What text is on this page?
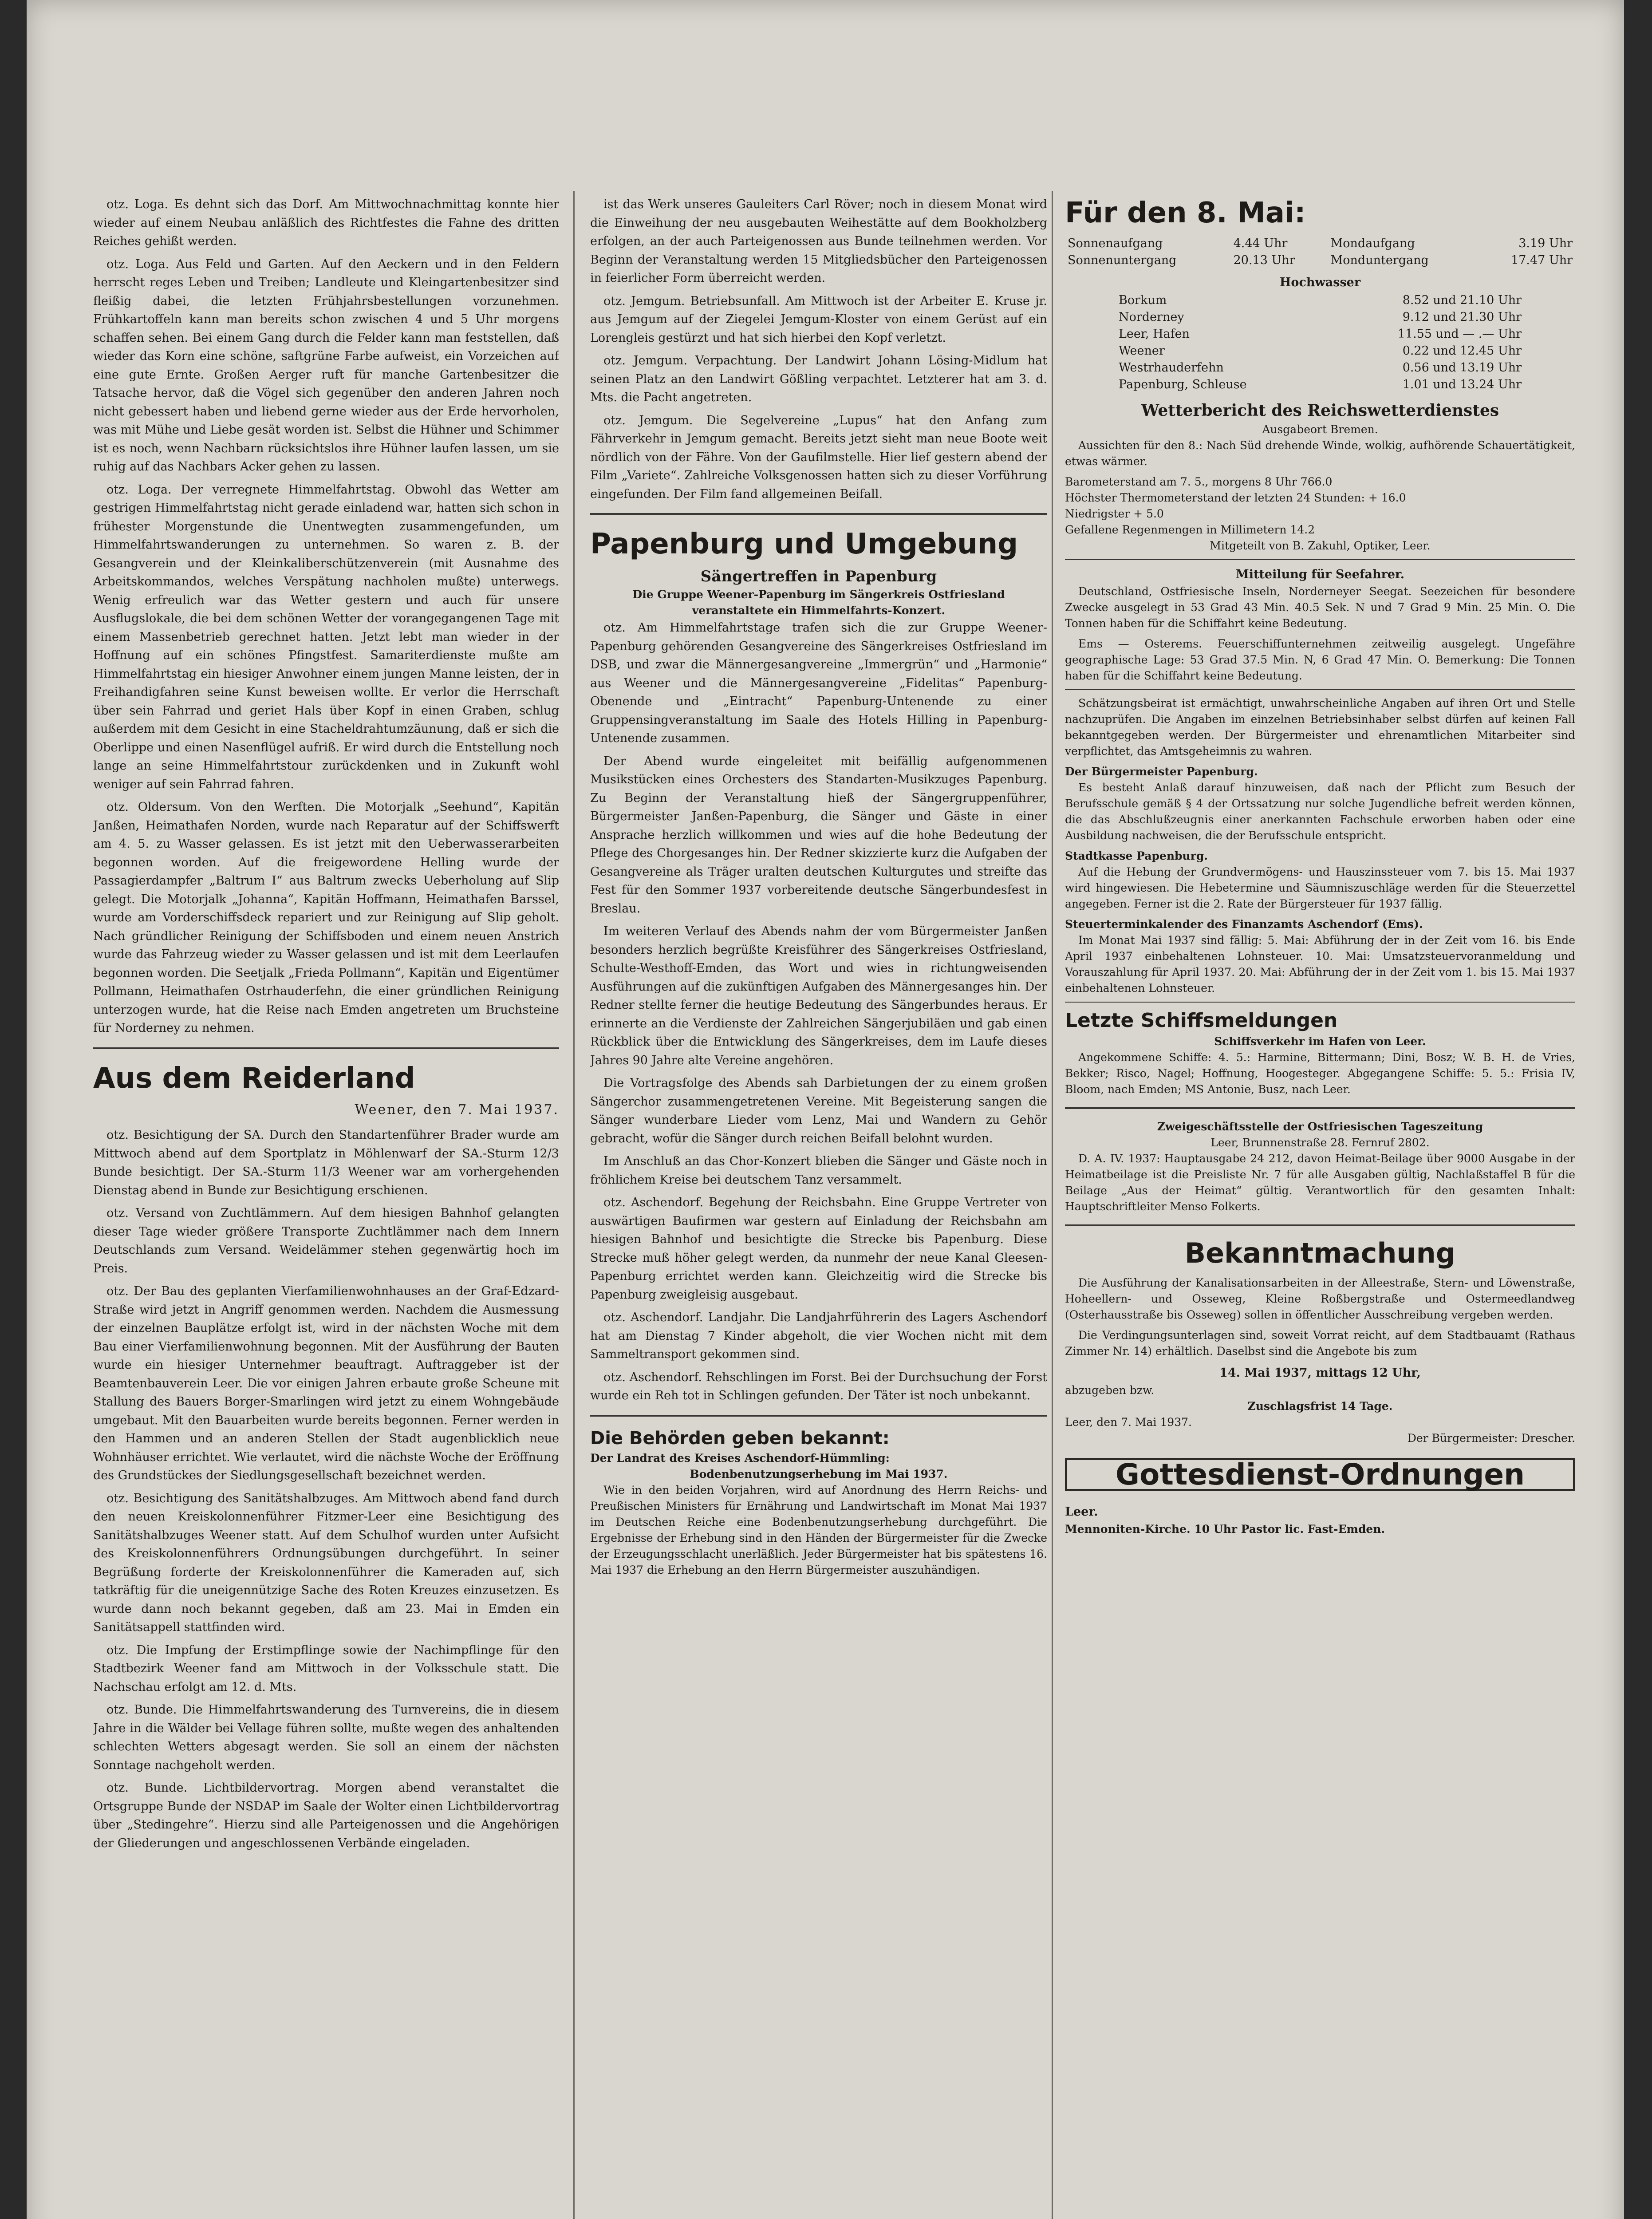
otz. Loga. Es dehnt sich das Dorf. Am Mittwochnachmittag konnte hier wieder auf einem Neubau anläßlich des Richtfestes die Fahne des dritten Reiches gehißt werden.

otz. Loga. Aus Feld und Garten. Auf den Aeckern und in den Feldern herrscht reges Leben und Treiben; Landleute und Kleingartenbesitzer sind fleißig dabei, die letzten Frühjahrsbestellungen vorzunehmen. Frühkartoffeln kann man bereits schon zwischen 4 und 5 Uhr morgens schaffen sehen. Bei einem Gang durch die Felder kann man feststellen, daß wieder das Korn eine schöne, saftgrüne Farbe aufweist, ein Vorzeichen auf eine gute Ernte. Großen Aerger ruft für manche Gartenbesitzer die Tatsache hervor, daß die Vögel sich gegenüber den anderen Jahren noch nicht gebessert haben und liebend gerne wieder aus der Erde hervorholen, was mit Mühe und Liebe gesät worden ist. Selbst die Hühner und Schimmer ist es noch, wenn Nachbarn rücksichtslos ihre Hühner laufen lassen, um sie ruhig auf das Nachbars Acker gehen zu lassen.

otz. Loga. Der verregnete Himmelfahrtstag. Obwohl das Wetter am gestrigen Himmelfahrtstag nicht gerade einladend war, hatten sich schon in frühester Morgenstunde die Unentwegten zusammengefunden, um Himmelfahrtswanderungen zu unternehmen. So waren z. B. der Gesangverein und der Kleinkaliberschützenverein (mit Ausnahme des Arbeitskommandos, welches Verspätung nachholen mußte) unterwegs. Wenig erfreulich war das Wetter gestern und auch für unsere Ausflugslokale, die bei dem schönen Wetter der vorangegangenen Tage mit einem Massenbetrieb gerechnet hatten. Jetzt lebt man wieder in der Hoffnung auf ein schönes Pfingstfest. Samariterdienste mußte am Himmelfahrtstag ein hiesiger Anwohner einem jungen Manne leisten, der in Freihandigfahren seine Kunst beweisen wollte. Er verlor die Herrschaft über sein Fahrrad und geriet Hals über Kopf in einen Graben, schlug außerdem mit dem Gesicht in eine Stacheldrahtumzäunung, daß er sich die Oberlippe und einen Nasenflügel aufriß. Er wird durch die Entstellung noch lange an seine Himmelfahrtstour zurückdenken und in Zukunft wohl weniger auf sein Fahrrad fahren.

otz. Oldersum. Von den Werften. Die Motorjalk „Seehund“, Kapitän Janßen, Heimathafen Norden, wurde nach Reparatur auf der Schiffswerft am 4. 5. zu Wasser gelassen. Es ist jetzt mit den Ueberwasserarbeiten begonnen worden. Auf die freigewordene Helling wurde der Passagierdampfer „Baltrum I“ aus Baltrum zwecks Ueberholung auf Slip gelegt. Die Motorjalk „Johanna“, Kapitän Hoffmann, Heimathafen Barssel, wurde am Vorderschiffsdeck repariert und zur Reinigung auf Slip geholt. Nach gründlicher Reinigung der Schiffsboden und einem neuen Anstrich wurde das Fahrzeug wieder zu Wasser gelassen und ist mit dem Leerlaufen begonnen worden. Die Seetjalk „Frieda Pollmann“, Kapitän und Eigentümer Pollmann, Heimathafen Ostrhauderfehn, die einer gründlichen Reinigung unterzogen wurde, hat die Reise nach Emden angetreten um Bruchsteine für Norderney zu nehmen.

Aus dem Reiderland
Weener, den 7. Mai 1937.

otz. Besichtigung der SA. Durch den Standartenführer Brader wurde am Mittwoch abend auf dem Sportplatz in Möhlenwarf der SA.-Sturm 12/3 Bunde besichtigt. Der SA.-Sturm 11/3 Weener war am vorhergehenden Dienstag abend in Bunde zur Besichtigung erschienen.

otz. Versand von Zuchtlämmern. Auf dem hiesigen Bahnhof gelangten dieser Tage wieder größere Transporte Zuchtlämmer nach dem Innern Deutschlands zum Versand. Weidelämmer stehen gegenwärtig hoch im Preis.

otz. Der Bau des geplanten Vierfamilienwohnhauses an der Graf-Edzard-Straße wird jetzt in Angriff genommen werden. Nachdem die Ausmessung der einzelnen Bauplätze erfolgt ist, wird in der nächsten Woche mit dem Bau einer Vierfamilienwohnung begonnen. Mit der Ausführung der Bauten wurde ein hiesiger Unternehmer beauftragt. Auftraggeber ist der Beamtenbauverein Leer. Die vor einigen Jahren erbaute große Scheune mit Stallung des Bauers Borger-Smarlingen wird jetzt zu einem Wohngebäude umgebaut. Mit den Bauarbeiten wurde bereits begonnen. Ferner werden in den Hammen und an anderen Stellen der Stadt augenblicklich neue Wohnhäuser errichtet. Wie verlautet, wird die nächste Woche der Eröffnung des Grundstückes der Siedlungsgesellschaft bezeichnet werden.

otz. Besichtigung des Sanitätshalbzuges. Am Mittwoch abend fand durch den neuen Kreiskolonnenführer Fitzmer-Leer eine Besichtigung des Sanitätshalbzuges Weener statt. Auf dem Schulhof wurden unter Aufsicht des Kreiskolonnenführers Ordnungsübungen durchgeführt. In seiner Begrüßung forderte der Kreiskolonnenführer die Kameraden auf, sich tatkräftig für die uneigennützige Sache des Roten Kreuzes einzusetzen. Es wurde dann noch bekannt gegeben, daß am 23. Mai in Emden ein Sanitätsappell stattfinden wird.

otz. Die Impfung der Erstimpflinge sowie der Nachimpflinge für den Stadtbezirk Weener fand am Mittwoch in der Volksschule statt. Die Nachschau erfolgt am 12. d. Mts.

otz. Bunde. Die Himmelfahrtswanderung des Turnvereins, die in diesem Jahre in die Wälder bei Vellage führen sollte, mußte wegen des anhaltenden schlechten Wetters abgesagt werden. Sie soll an einem der nächsten Sonntage nachgeholt werden.

otz. Bunde. Lichtbildervortrag. Morgen abend veranstaltet die Ortsgruppe Bunde der NSDAP im Saale der Wolter einen Lichtbildervortrag über „Stedingehre“. Hierzu sind alle Parteigenossen und die Angehörigen der Gliederungen und angeschlossenen Verbände eingeladen.

ist das Werk unseres Gauleiters Carl Röver; noch in diesem Monat wird die Einweihung der neu ausgebauten Weihestätte auf dem Bookholzberg erfolgen, an der auch Parteigenossen aus Bunde teilnehmen werden. Vor Beginn der Veranstaltung werden 15 Mitgliedsbücher den Parteigenossen in feierlicher Form überreicht werden.

otz. Jemgum. Betriebsunfall. Am Mittwoch ist der Arbeiter E. Kruse jr. aus Jemgum auf der Ziegelei Jemgum-Kloster von einem Gerüst auf ein Lorengleis gestürzt und hat sich hierbei den Kopf verletzt.

otz. Jemgum. Verpachtung. Der Landwirt Johann Lösing-Midlum hat seinen Platz an den Landwirt Gößling verpachtet. Letzterer hat am 3. d. Mts. die Pacht angetreten.

otz. Jemgum. Die Segelvereine „Lupus“ hat den Anfang zum Fährverkehr in Jemgum gemacht. Bereits jetzt sieht man neue Boote weit nördlich von der Fähre. Von der Gaufilmstelle. Hier lief gestern abend der Film „Variete“. Zahlreiche Volksgenossen hatten sich zu dieser Vorführung eingefunden. Der Film fand allgemeinen Beifall.

Papenburg und Umgebung
Sängertreffen in Papenburg
Die Gruppe Weener-Papenburg im Sängerkreis Ostfriesland veranstaltete ein Himmelfahrts-Konzert.

otz. Am Himmelfahrtstage trafen sich die zur Gruppe Weener-Papenburg gehörenden Gesangvereine des Sängerkreises Ostfriesland im DSB, und zwar die Männergesangvereine „Immergrün“ und „Harmonie“ aus Weener und die Männergesangvereine „Fidelitas“ Papenburg-Obenende und „Eintracht“ Papenburg-Untenende zu einer Gruppensingveranstaltung im Saale des Hotels Hilling in Papenburg-Untenende zusammen.

Der Abend wurde eingeleitet mit beifällig aufgenommenen Musikstücken eines Orchesters des Standarten-Musikzuges Papenburg. Zu Beginn der Veranstaltung hieß der Sängergruppenführer, Bürgermeister Janßen-Papenburg, die Sänger und Gäste in einer Ansprache herzlich willkommen und wies auf die hohe Bedeutung der Pflege des Chorgesanges hin. Der Redner skizzierte kurz die Aufgaben der Gesangvereine als Träger uralten deutschen Kulturgutes und streifte das Fest für den Sommer 1937 vorbereitende deutsche Sängerbundesfest in Breslau.

Im weiteren Verlauf des Abends nahm der vom Bürgermeister Janßen besonders herzlich begrüßte Kreisführer des Sängerkreises Ostfriesland, Schulte-Westhoff-Emden, das Wort und wies in richtungweisenden Ausführungen auf die zukünftigen Aufgaben des Männergesanges hin. Der Redner stellte ferner die heutige Bedeutung des Sängerbundes heraus. Er erinnerte an die Verdienste der Zahlreichen Sängerjubiläen und gab einen Rückblick über die Entwicklung des Sängerkreises, dem im Laufe dieses Jahres 90 Jahre alte Vereine angehören.

Die Vortragsfolge des Abends sah Darbietungen der zu einem großen Sängerchor zusammengetretenen Vereine. Mit Begeisterung sangen die Sänger wunderbare Lieder vom Lenz, Mai und Wandern zu Gehör gebracht, wofür die Sänger durch reichen Beifall belohnt wurden.

Im Anschluß an das Chor-Konzert blieben die Sänger und Gäste noch in fröhlichem Kreise bei deutschem Tanz versammelt.

otz. Aschendorf. Begehung der Reichsbahn. Eine Gruppe Vertreter von auswärtigen Baufirmen war gestern auf Einladung der Reichsbahn am hiesigen Bahnhof und besichtigte die Strecke bis Papenburg. Diese Strecke muß höher gelegt werden, da nunmehr der neue Kanal Gleesen-Papenburg errichtet werden kann. Gleichzeitig wird die Strecke bis Papenburg zweigleisig ausgebaut.

otz. Aschendorf. Landjahr. Die Landjahrführerin des Lagers Aschendorf hat am Dienstag 7 Kinder abgeholt, die vier Wochen nicht mit dem Sammeltransport gekommen sind.

otz. Aschendorf. Rehschlingen im Forst. Bei der Durchsuchung der Forst wurde ein Reh tot in Schlingen gefunden. Der Täter ist noch unbekannt.

Die Behörden geben bekannt:
Der Landrat des Kreises Aschendorf-Hümmling:
Bodenbenutzungserhebung im Mai 1937.

Wie in den beiden Vorjahren, wird auf Anordnung des Herrn Reichs- und Preußischen Ministers für Ernährung und Landwirtschaft im Monat Mai 1937 im Deutschen Reiche eine Bodenbenutzungserhebung durchgeführt. Die Ergebnisse der Erhebung sind in den Händen der Bürgermeister für die Zwecke der Erzeugungsschlacht unerläßlich. Jeder Bürgermeister hat bis spätestens 16. Mai 1937 die Erhebung an den Herrn Bürgermeister auszuhändigen.

Für den 8. Mai:
Sonnenaufgang	4.44 Uhr	Mondaufgang	3.19 Uhr
Sonnenuntergang	20.13 Uhr	Monduntergang	17.47 Uhr
Hochwasser
Borkum	8.52 und 21.10 Uhr
Norderney	9.12 und 21.30 Uhr
Leer, Hafen	11.55 und — .— Uhr
Weener	0.22 und 12.45 Uhr
Westrhauderfehn	0.56 und 13.19 Uhr
Papenburg, Schleuse	1.01 und 13.24 Uhr
Wetterbericht des Reichswetterdienstes
Ausgabeort Bremen.

Aussichten für den 8.: Nach Süd drehende Winde, wolkig, aufhörende Schauertätigkeit, etwas wärmer.

Barometerstand am 7. 5., morgens 8 Uhr 766.0
Höchster Thermometerstand der letzten 24 Stunden: + 16.0
Niedrigster + 5.0
Gefallene Regenmengen in Millimetern 14.2
Mitgeteilt von B. Zakuhl, Optiker, Leer.
Mitteilung für Seefahrer.

Deutschland, Ostfriesische Inseln, Norderneyer Seegat. Seezeichen für besondere Zwecke ausgelegt in 53 Grad 43 Min. 40.5 Sek. N und 7 Grad 9 Min. 25 Min. O. Die Tonnen haben für die Schiffahrt keine Bedeutung.

Ems — Osterems. Feuerschiffunternehmen zeitweilig ausgelegt. Ungefähre geographische Lage: 53 Grad 37.5 Min. N, 6 Grad 47 Min. O. Bemerkung: Die Tonnen haben für die Schiffahrt keine Bedeutung.

Schätzungsbeirat ist ermächtigt, unwahrscheinliche Angaben auf ihren Ort und Stelle nachzuprüfen. Die Angaben im einzelnen Betriebsinhaber selbst dürfen auf keinen Fall bekanntgegeben werden. Der Bürgermeister und ehrenamtlichen Mitarbeiter sind verpflichtet, das Amtsgeheimnis zu wahren.

Der Bürgermeister Papenburg.

Es besteht Anlaß darauf hinzuweisen, daß nach der Pflicht zum Besuch der Berufsschule gemäß § 4 der Ortssatzung nur solche Jugendliche befreit werden können, die das Abschlußzeugnis einer anerkannten Fachschule erworben haben oder eine Ausbildung nachweisen, die der Berufsschule entspricht.

Stadtkasse Papenburg.

Auf die Hebung der Grundvermögens- und Hauszinssteuer vom 7. bis 15. Mai 1937 wird hingewiesen. Die Hebetermine und Säumniszuschläge werden für die Steuerzettel angegeben. Ferner ist die 2. Rate der Bürgersteuer für 1937 fällig.

Steuerterminkalender des Finanzamts Aschendorf (Ems).

Im Monat Mai 1937 sind fällig: 5. Mai: Abführung der in der Zeit vom 16. bis Ende April 1937 einbehaltenen Lohnsteuer. 10. Mai: Umsatzsteuervoranmeldung und Vorauszahlung für April 1937. 20. Mai: Abführung der in der Zeit vom 1. bis 15. Mai 1937 einbehaltenen Lohnsteuer.

Letzte Schiffsmeldungen
Schiffsverkehr im Hafen von Leer.

Angekommene Schiffe: 4. 5.: Harmine, Bittermann; Dini, Bosz; W. B. H. de Vries, Bekker; Risco, Nagel; Hoffnung, Hoogesteger. Abgegangene Schiffe: 5. 5.: Frisia IV, Bloom, nach Emden; MS Antonie, Busz, nach Leer.

Zweigeschäftsstelle der Ostfriesischen Tageszeitung
Leer, Brunnenstraße 28. Fernruf 2802.

D. A. IV. 1937: Hauptausgabe 24 212, davon Heimat-Beilage über 9000 Ausgabe in der Heimatbeilage ist die Preisliste Nr. 7 für alle Ausgaben gültig, Nachlaßstaffel B für die Beilage „Aus der Heimat“ gültig. Verantwortlich für den gesamten Inhalt: Hauptschriftleiter Menso Folkerts.

Bekanntmachung

Die Ausführung der Kanalisationsarbeiten in der Alleestraße, Stern- und Löwenstraße, Hoheellern- und Osseweg, Kleine Roßbergstraße und Ostermeedlandweg (Osterhausstraße bis Osseweg) sollen in öffentlicher Ausschreibung vergeben werden.

Die Verdingungsunterlagen sind, soweit Vorrat reicht, auf dem Stadtbauamt (Rathaus Zimmer Nr. 14) erhältlich. Daselbst sind die Angebote bis zum

14. Mai 1937, mittags 12 Uhr,
abzugeben bzw.
Zuschlagsfrist 14 Tage.
Leer, den 7. Mai 1937.
Der Bürgermeister: Drescher.
Gottesdienst-Ordnungen
Leer.
Mennoniten-Kirche. 10 Uhr Pastor lic. Fast-Emden.
